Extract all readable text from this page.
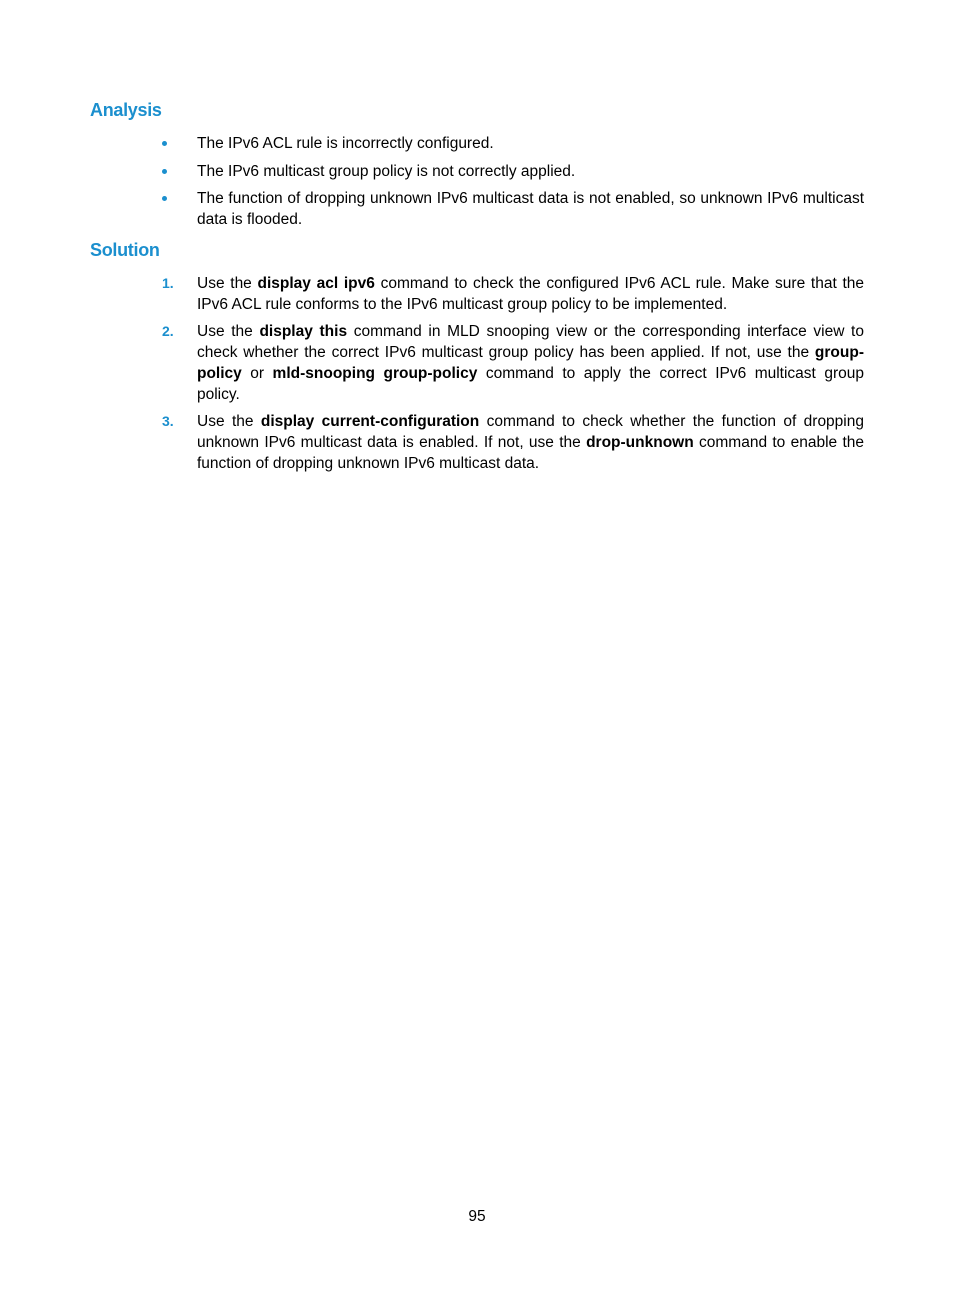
Analysis
The IPv6 ACL rule is incorrectly configured.
The IPv6 multicast group policy is not correctly applied.
The function of dropping unknown IPv6 multicast data is not enabled, so unknown IPv6 multicast data is flooded.
Solution
1. Use the display acl ipv6 command to check the configured IPv6 ACL rule. Make sure that the IPv6 ACL rule conforms to the IPv6 multicast group policy to be implemented.
2. Use the display this command in MLD snooping view or the corresponding interface view to check whether the correct IPv6 multicast group policy has been applied. If not, use the group-policy or mld-snooping group-policy command to apply the correct IPv6 multicast group policy.
3. Use the display current-configuration command to check whether the function of dropping unknown IPv6 multicast data is enabled. If not, use the drop-unknown command to enable the function of dropping unknown IPv6 multicast data.
95
